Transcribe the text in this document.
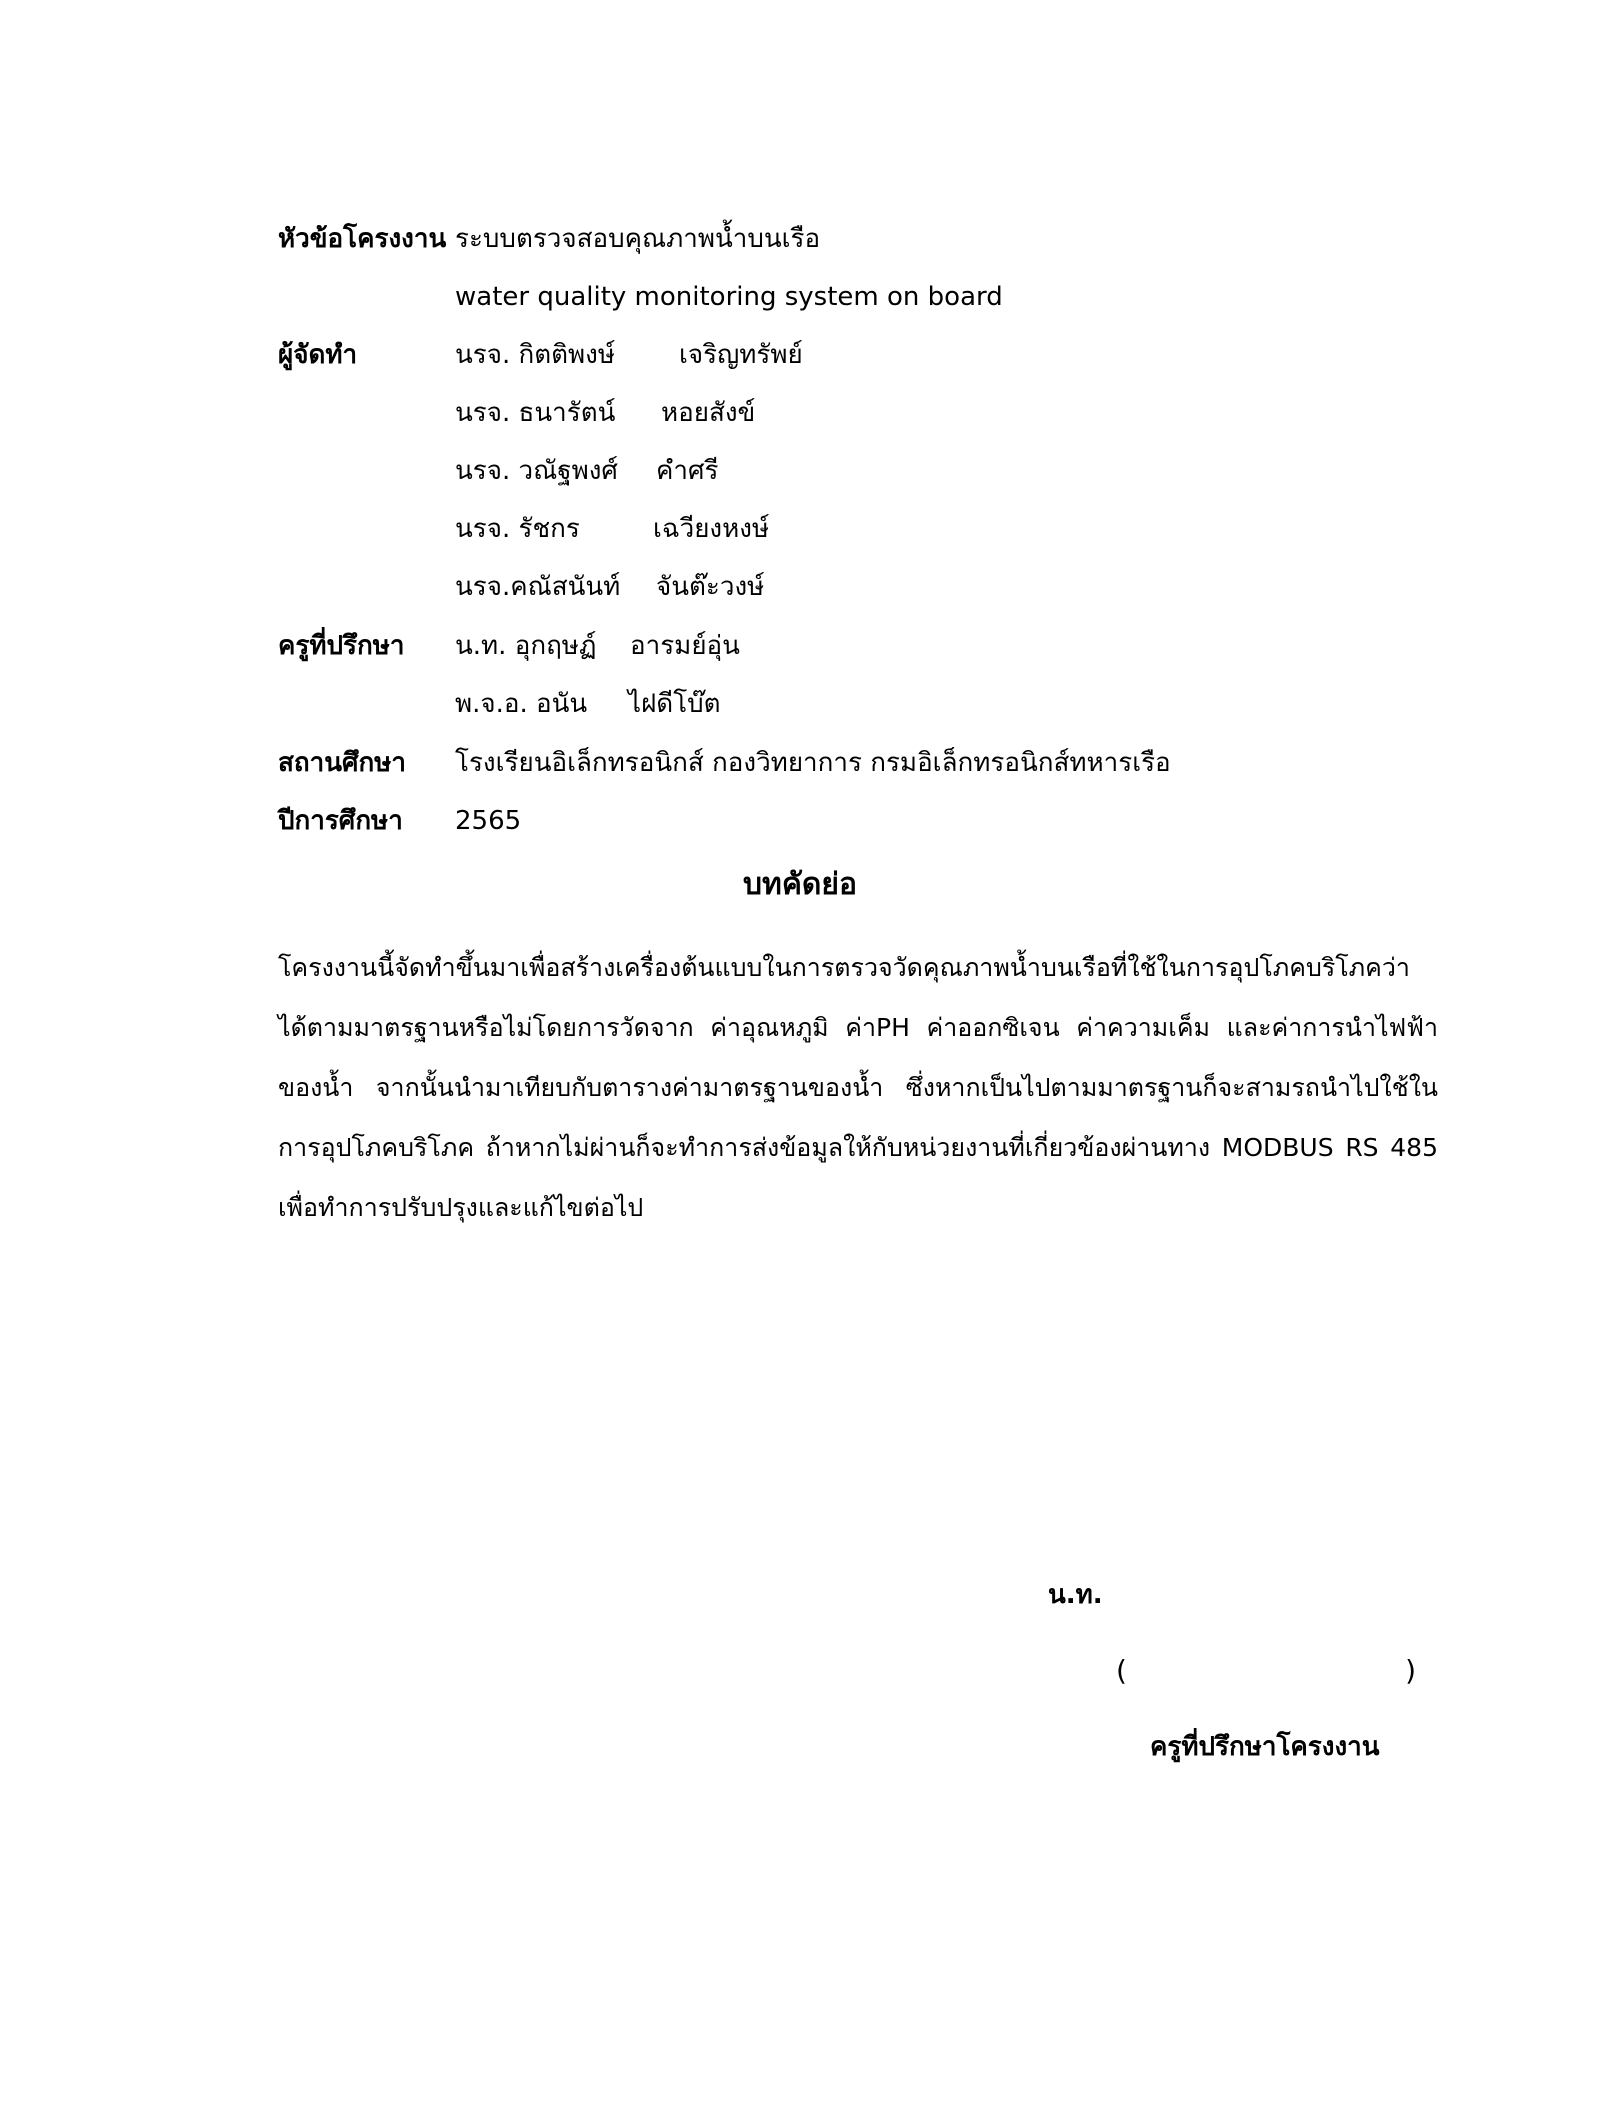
หัวข้อโครงงาน ระบบตรวจสอบคุณภาพน้ำบนเรือ
water quality monitoring system on board
ผู้จัดทำ	นรจ. กิตติพงษ์ เจริญทรัพย์
นรจ. ธนารัตน์ หอยสังข์
นรจ. วณัฐพงศ์ คำศรี
นรจ. รัชกร	เฉวียงหงษ์
นรจ.คณัสนันท์ จันต๊ะวงษ์
ครูที่ปรึกษา น.ท. อุกฤษฏ์ อารมย์อุ่น
พ.จ.อ. อนัน ไฝดีโบ๊ต
สถานศึกษา โรงเรียนอิเล็กทรอนิกส์ กองวิทยาการ กรมอิเล็กทรอนิกส์ทหารเรือ
ปีการศึกษา 2565
บทคัดย่อ
โครงงานนี้จัดทำขึ้นมาเพื่อสร้างเครื่องต้นแบบในการตรวจวัดคุณภาพน้ำบนเรือที่ใช้ในการอุปโภคบริโภคว่าได้ตามมาตรฐานหรือไม่โดยการวัดจาก ค่าอุณหภูมิ ค่าPH ค่าออกซิเจน ค่าความเค็ม และค่าการนำไฟฟ้าของน้ำ จากนั้นนำมาเทียบกับตารางค่ามาตรฐานของน้ำ ซึ่งหากเป็นไปตามมาตรฐานก็จะสามรถนำไปใช้ในการอุปโภคบริโภค ถ้าหากไม่ผ่านก็จะทำการส่งข้อมูลให้กับหน่วยงานที่เกี่ยวข้องผ่านทาง MODBUS RS 485 เพื่อทำการปรับปรุงและแก้ไขต่อไป
น.ท.
(	)
ครูที่ปรึกษาโครงงาน
